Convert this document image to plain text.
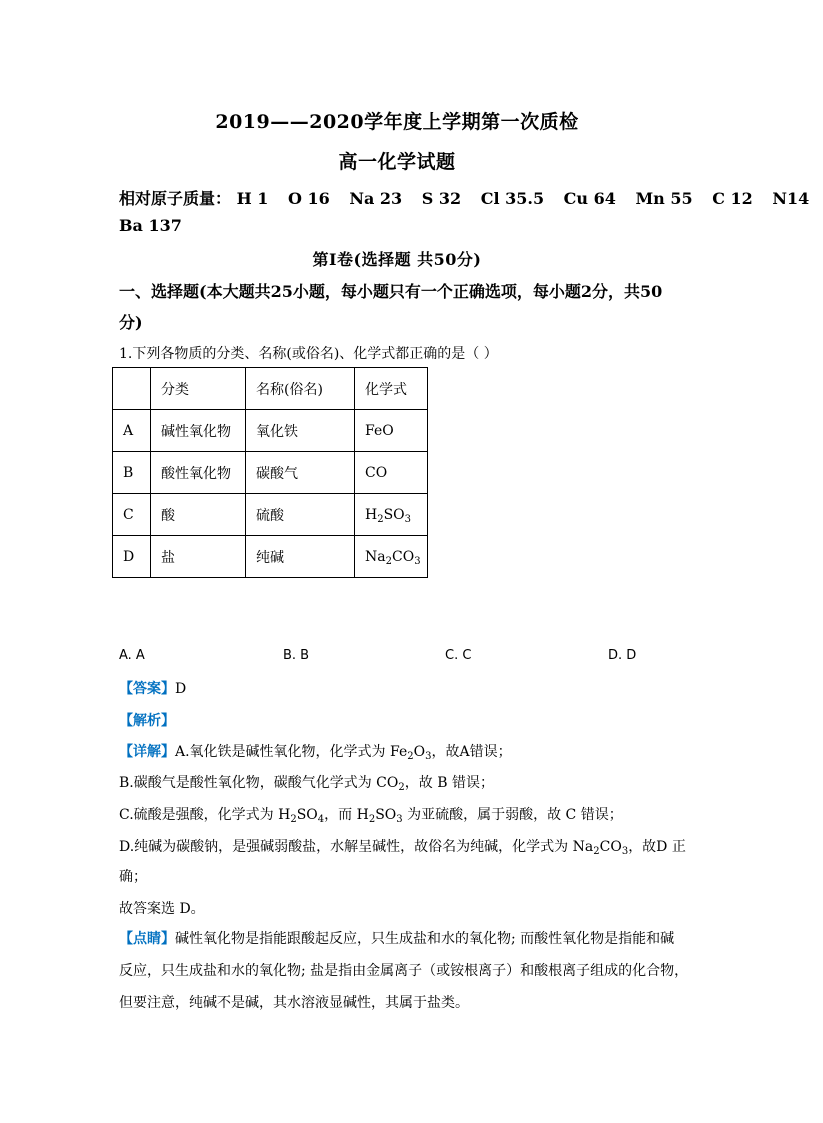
2019——2020学年度上学期第一次质检
高一化学试题
相对原子质量： H 1 O 16 Na 23 S 32 Cl 35.5 Cu 64 Mn 55 C 12 N14
Ba 137
第I卷(选择题 共50分)
一、选择题(本大题共25小题，每小题只有一个正确选项，每小题2分，共50
分)
1.下列各物质的分类、名称(或俗名)、化学式都正确的是（ ）
	分类	名称(俗名)	化学式
A	碱性氧化物	氧化铁	FeO
B	酸性氧化物	碳酸气	CO
C	酸	硫酸	$H_2SO_3$
D	盐	纯碱	$Na_2CO_3$
A. A	B. B	C. C	D. D
【答案】D
【解析】
【详解】A.氧化铁是碱性氧化物，化学式为 $Fe_2O_3$，故A错误；
B.碳酸气是酸性氧化物，碳酸气化学式为 $CO_2$，故 B 错误；
C.硫酸是强酸，化学式为 $H_2SO_4$，而 $H_2SO_3$ 为亚硫酸，属于弱酸，故 C 错误；
D.纯碱为碳酸钠，是强碱弱酸盐，水解呈碱性，故俗名为纯碱，化学式为 $Na_2CO_3$，故D 正
确；
故答案选 D。
【点睛】碱性氧化物是指能跟酸起反应，只生成盐和水的氧化物; 而酸性氧化物是指能和碱
反应，只生成盐和水的氧化物; 盐是指由金属离子（或铵根离子）和酸根离子组成的化合物，
但要注意，纯碱不是碱，其水溶液显碱性，其属于盐类。
